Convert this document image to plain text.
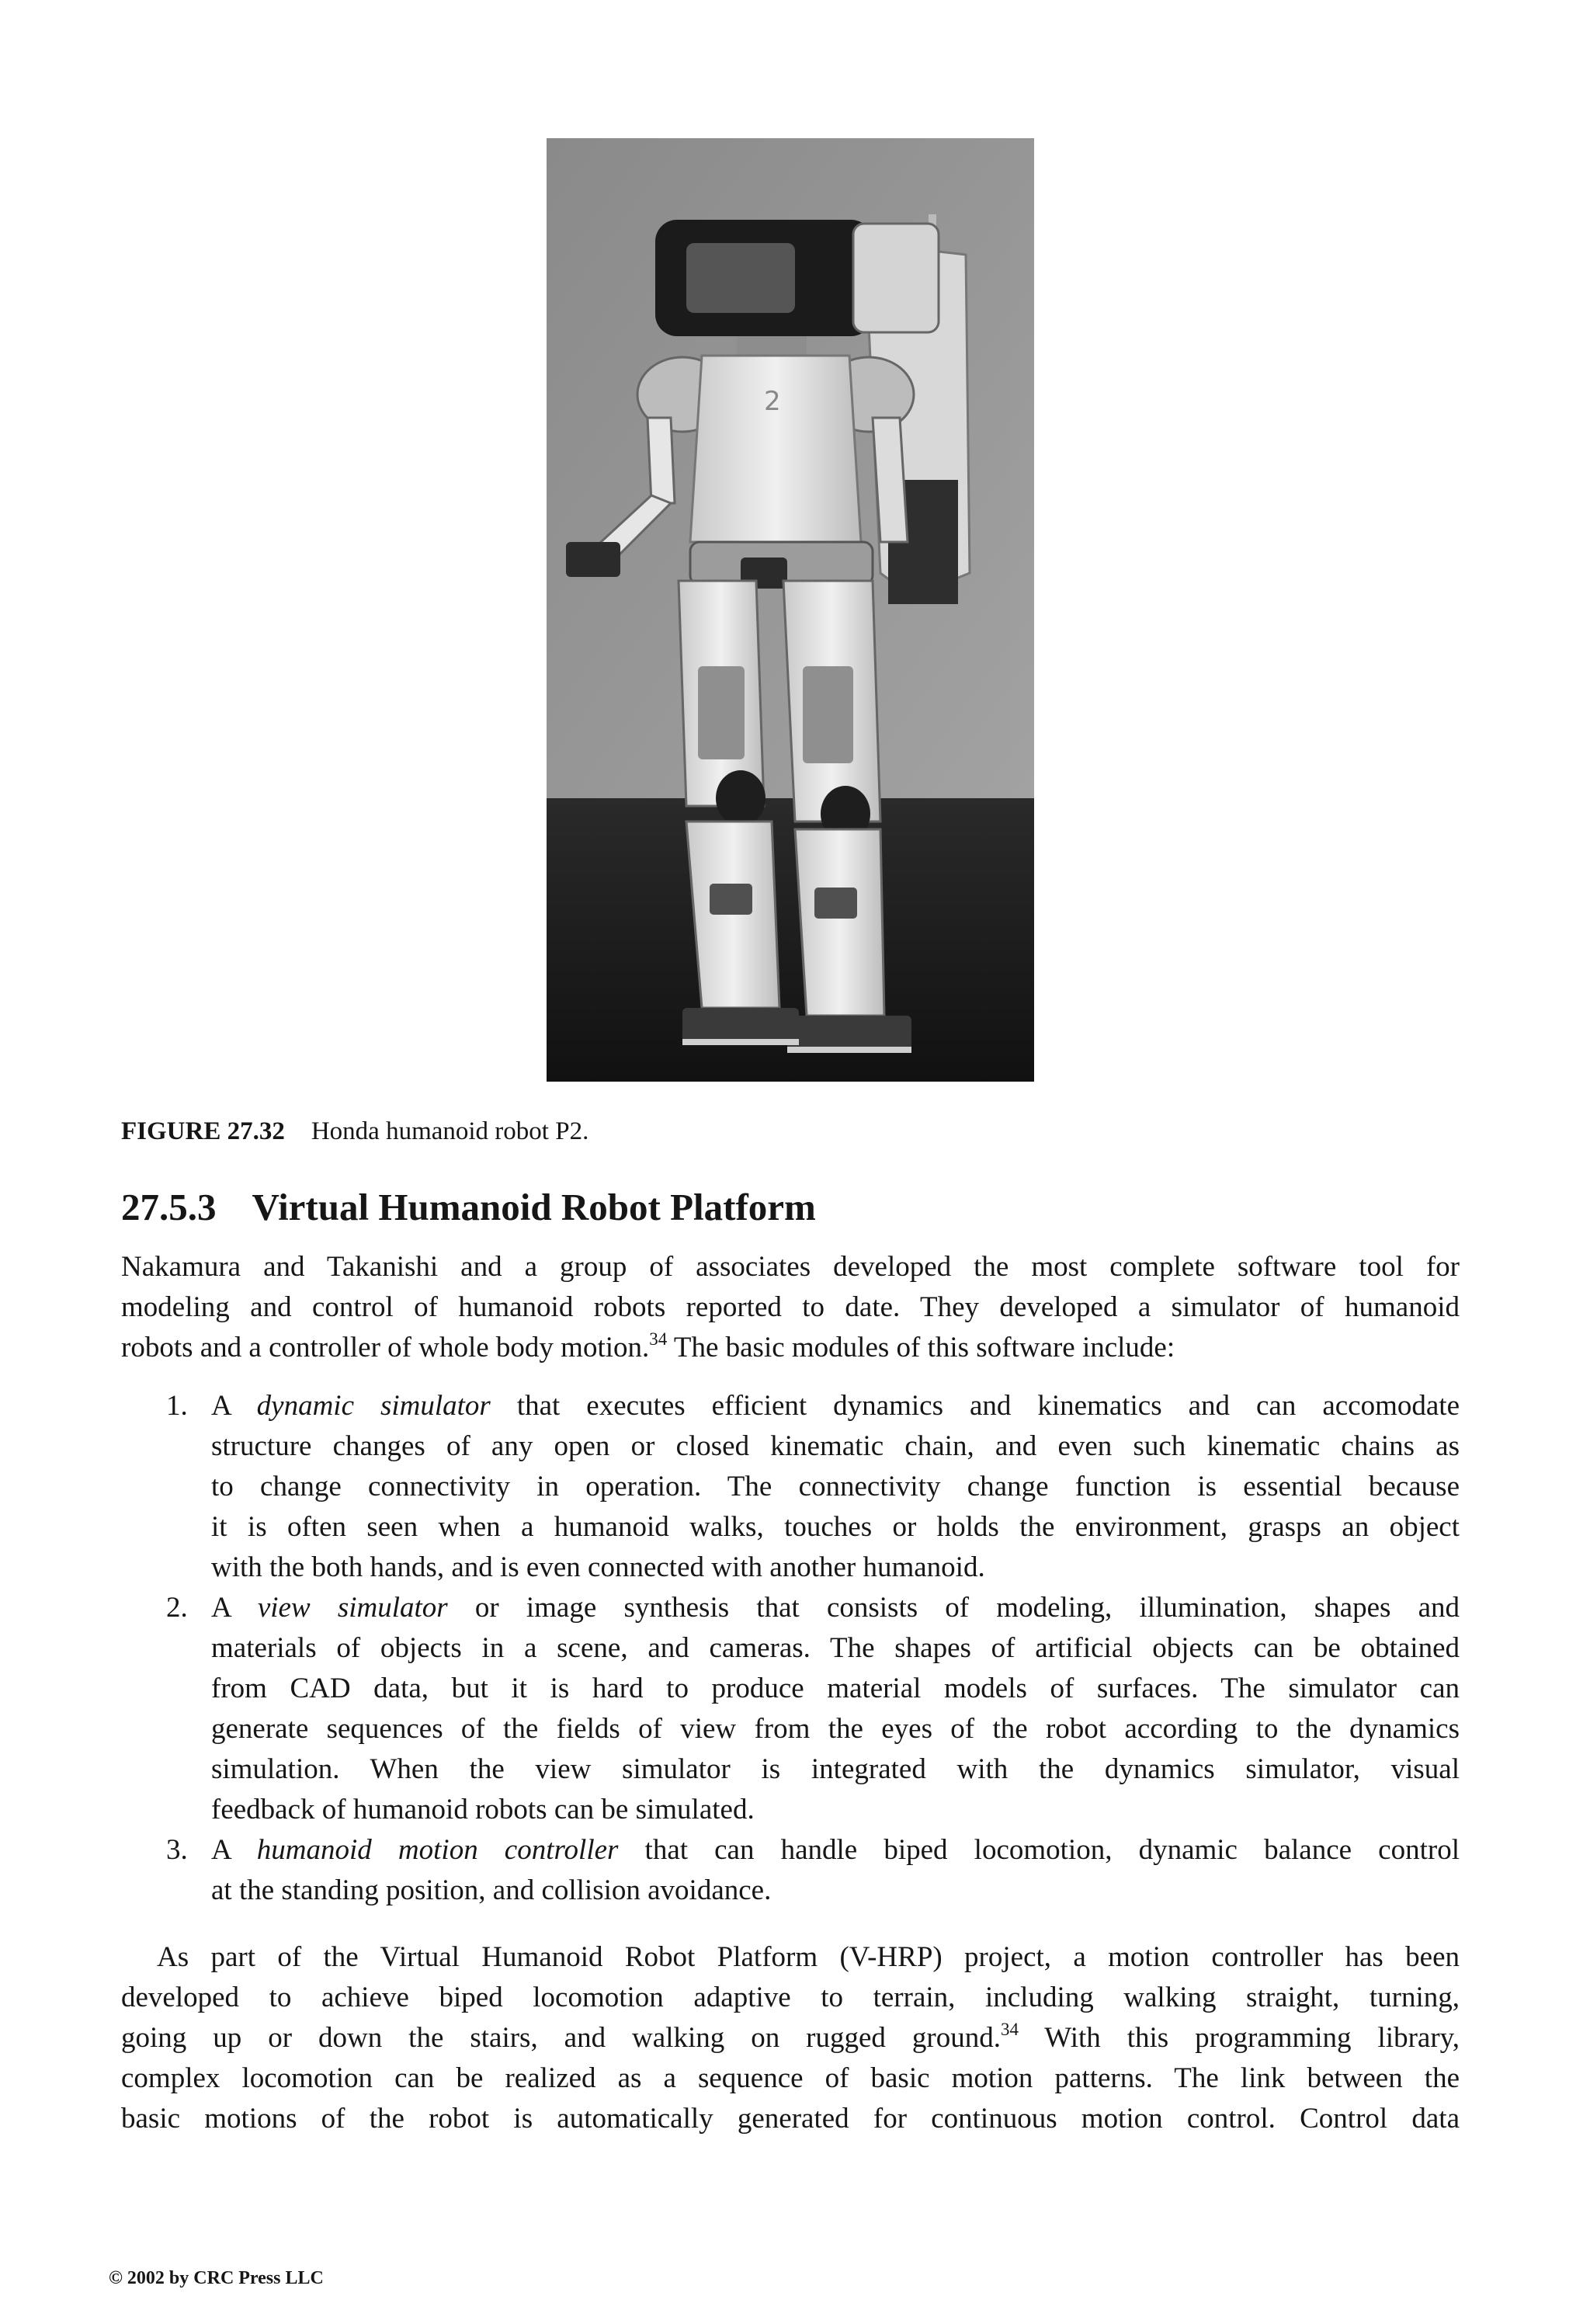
2
FIGURE 27.32 Honda humanoid robot P2.
27.5.3 Virtual Humanoid Robot Platform
Nakamura and Takanishi and a group of associates developed the most complete software tool for
modeling and control of humanoid robots reported to date. They developed a simulator of humanoid
robots and a controller of whole body motion.$^{34}$ The basic modules of this software include:
1. A dynamic simulator that executes efficient dynamics and kinematics and can accomodate
structure changes of any open or closed kinematic chain, and even such kinematic chains as
to change connectivity in operation. The connectivity change function is essential because
it is often seen when a humanoid walks, touches or holds the environment, grasps an object
with the both hands, and is even connected with another humanoid.
2. A view simulator or image synthesis that consists of modeling, illumination, shapes and
materials of objects in a scene, and cameras. The shapes of artificial objects can be obtained
from CAD data, but it is hard to produce material models of surfaces. The simulator can
generate sequences of the fields of view from the eyes of the robot according to the dynamics
simulation. When the view simulator is integrated with the dynamics simulator, visual
feedback of humanoid robots can be simulated.
3. A humanoid motion controller that can handle biped locomotion, dynamic balance control
at the standing position, and collision avoidance.
As part of the Virtual Humanoid Robot Platform (V-HRP) project, a motion controller has been
developed to achieve biped locomotion adaptive to terrain, including walking straight, turning,
going up or down the stairs, and walking on rugged ground.$^{34}$ With this programming library,
complex locomotion can be realized as a sequence of basic motion patterns. The link between the
basic motions of the robot is automatically generated for continuous motion control. Control data
© 2002 by CRC Press LLC
